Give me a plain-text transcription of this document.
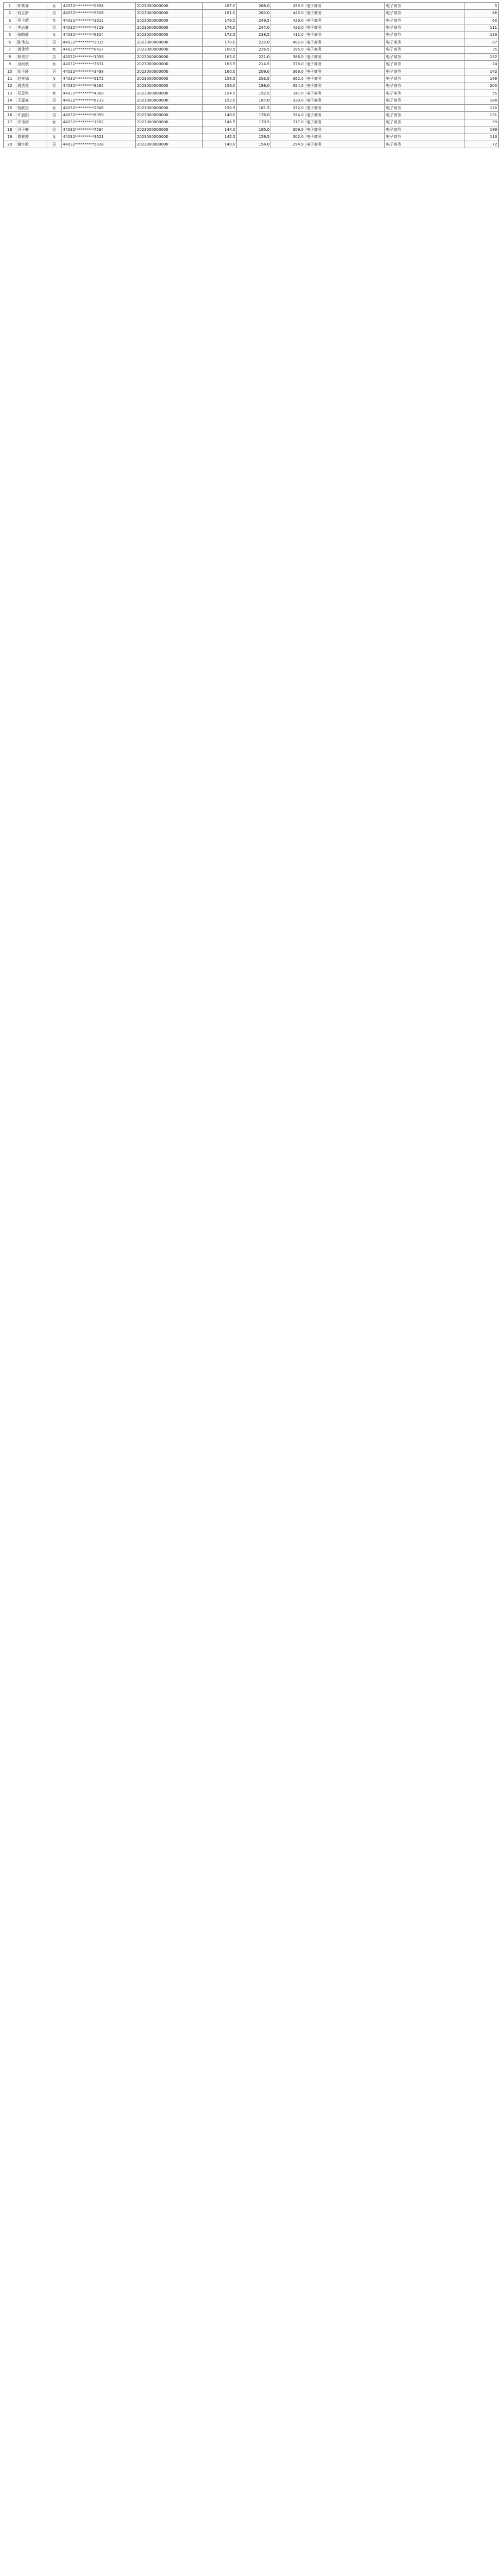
1	钟秦菲	女	44032**********0938	2023000000000	187.0	268.0	455.0	电子商务	电子商务	5
2	何立新	男	44032**********5836	2023000000000	181.0	262.0	443.0	电子商务	电子商务	46
3	罗子晴	女	44032**********3912	2023000000000	179.5	249.5	429.0	电子商务	电子商务	60
4	李志豪	男	44032**********4719	2023000000000	176.0	247.0	423.0	电子商务	电子商务	111
5	张晓敏	女	44032**********6324	2023000000000	172.5	238.5	411.0	电子商务	电子商务	123
6	陈伟杰	男	44032**********2815	2023000000000	170.0	232.0	402.0	电子商务	电子商务	87
7	黄佳怡	女	44032**********8427	2023000000000	168.5	226.5	395.0	电子商务	电子商务	35
8	林俊宇	男	44032**********1056	2023000000000	165.0	221.0	386.0	电子商务	电子商务	152
9	吴雨欣	女	44032**********7631	2023000000000	163.5	214.5	378.0	电子商务	电子商务	24
10	刘子轩	男	44032**********3498	2023000000000	160.0	209.0	369.0	电子商务	电子商务	142
11	赵梓涵	女	44032**********5172	2023000000000	158.5	203.5	362.0	电子商务	电子商务	168
12	周浩然	男	44032**********9265	2023000000000	156.0	198.0	354.0	电子商务	电子商务	200
13	郑思琪	女	44032**********4380	2023000000000	154.5	192.5	347.0	电子商务	电子商务	55
14	王嘉豪	男	44032**********6713	2023000000000	152.0	187.0	339.0	电子商务	电子商务	188
15	杨欣怡	女	44032**********2946	2023000000000	150.5	181.5	332.0	电子商务	电子商务	130
16	许晨阳	男	44032**********8059	2023000000000	148.0	176.0	324.0	电子商务	电子商务	131
17	邓诗雨	女	44032**********1587	2023000000000	146.5	170.5	317.0	电子商务	电子商务	59
18	冯子豪	男	44032**********7294	2023000000000	144.0	165.0	309.0	电子商务	电子商务	188
19	曾雅婷	女	44032**********3621	2023000000000	142.5	159.5	302.0	电子商务	电子商务	113
20	谢宇航	男	44032**********5938	2023000000000	140.0	154.0	294.0	电子商务	电子商务	72
